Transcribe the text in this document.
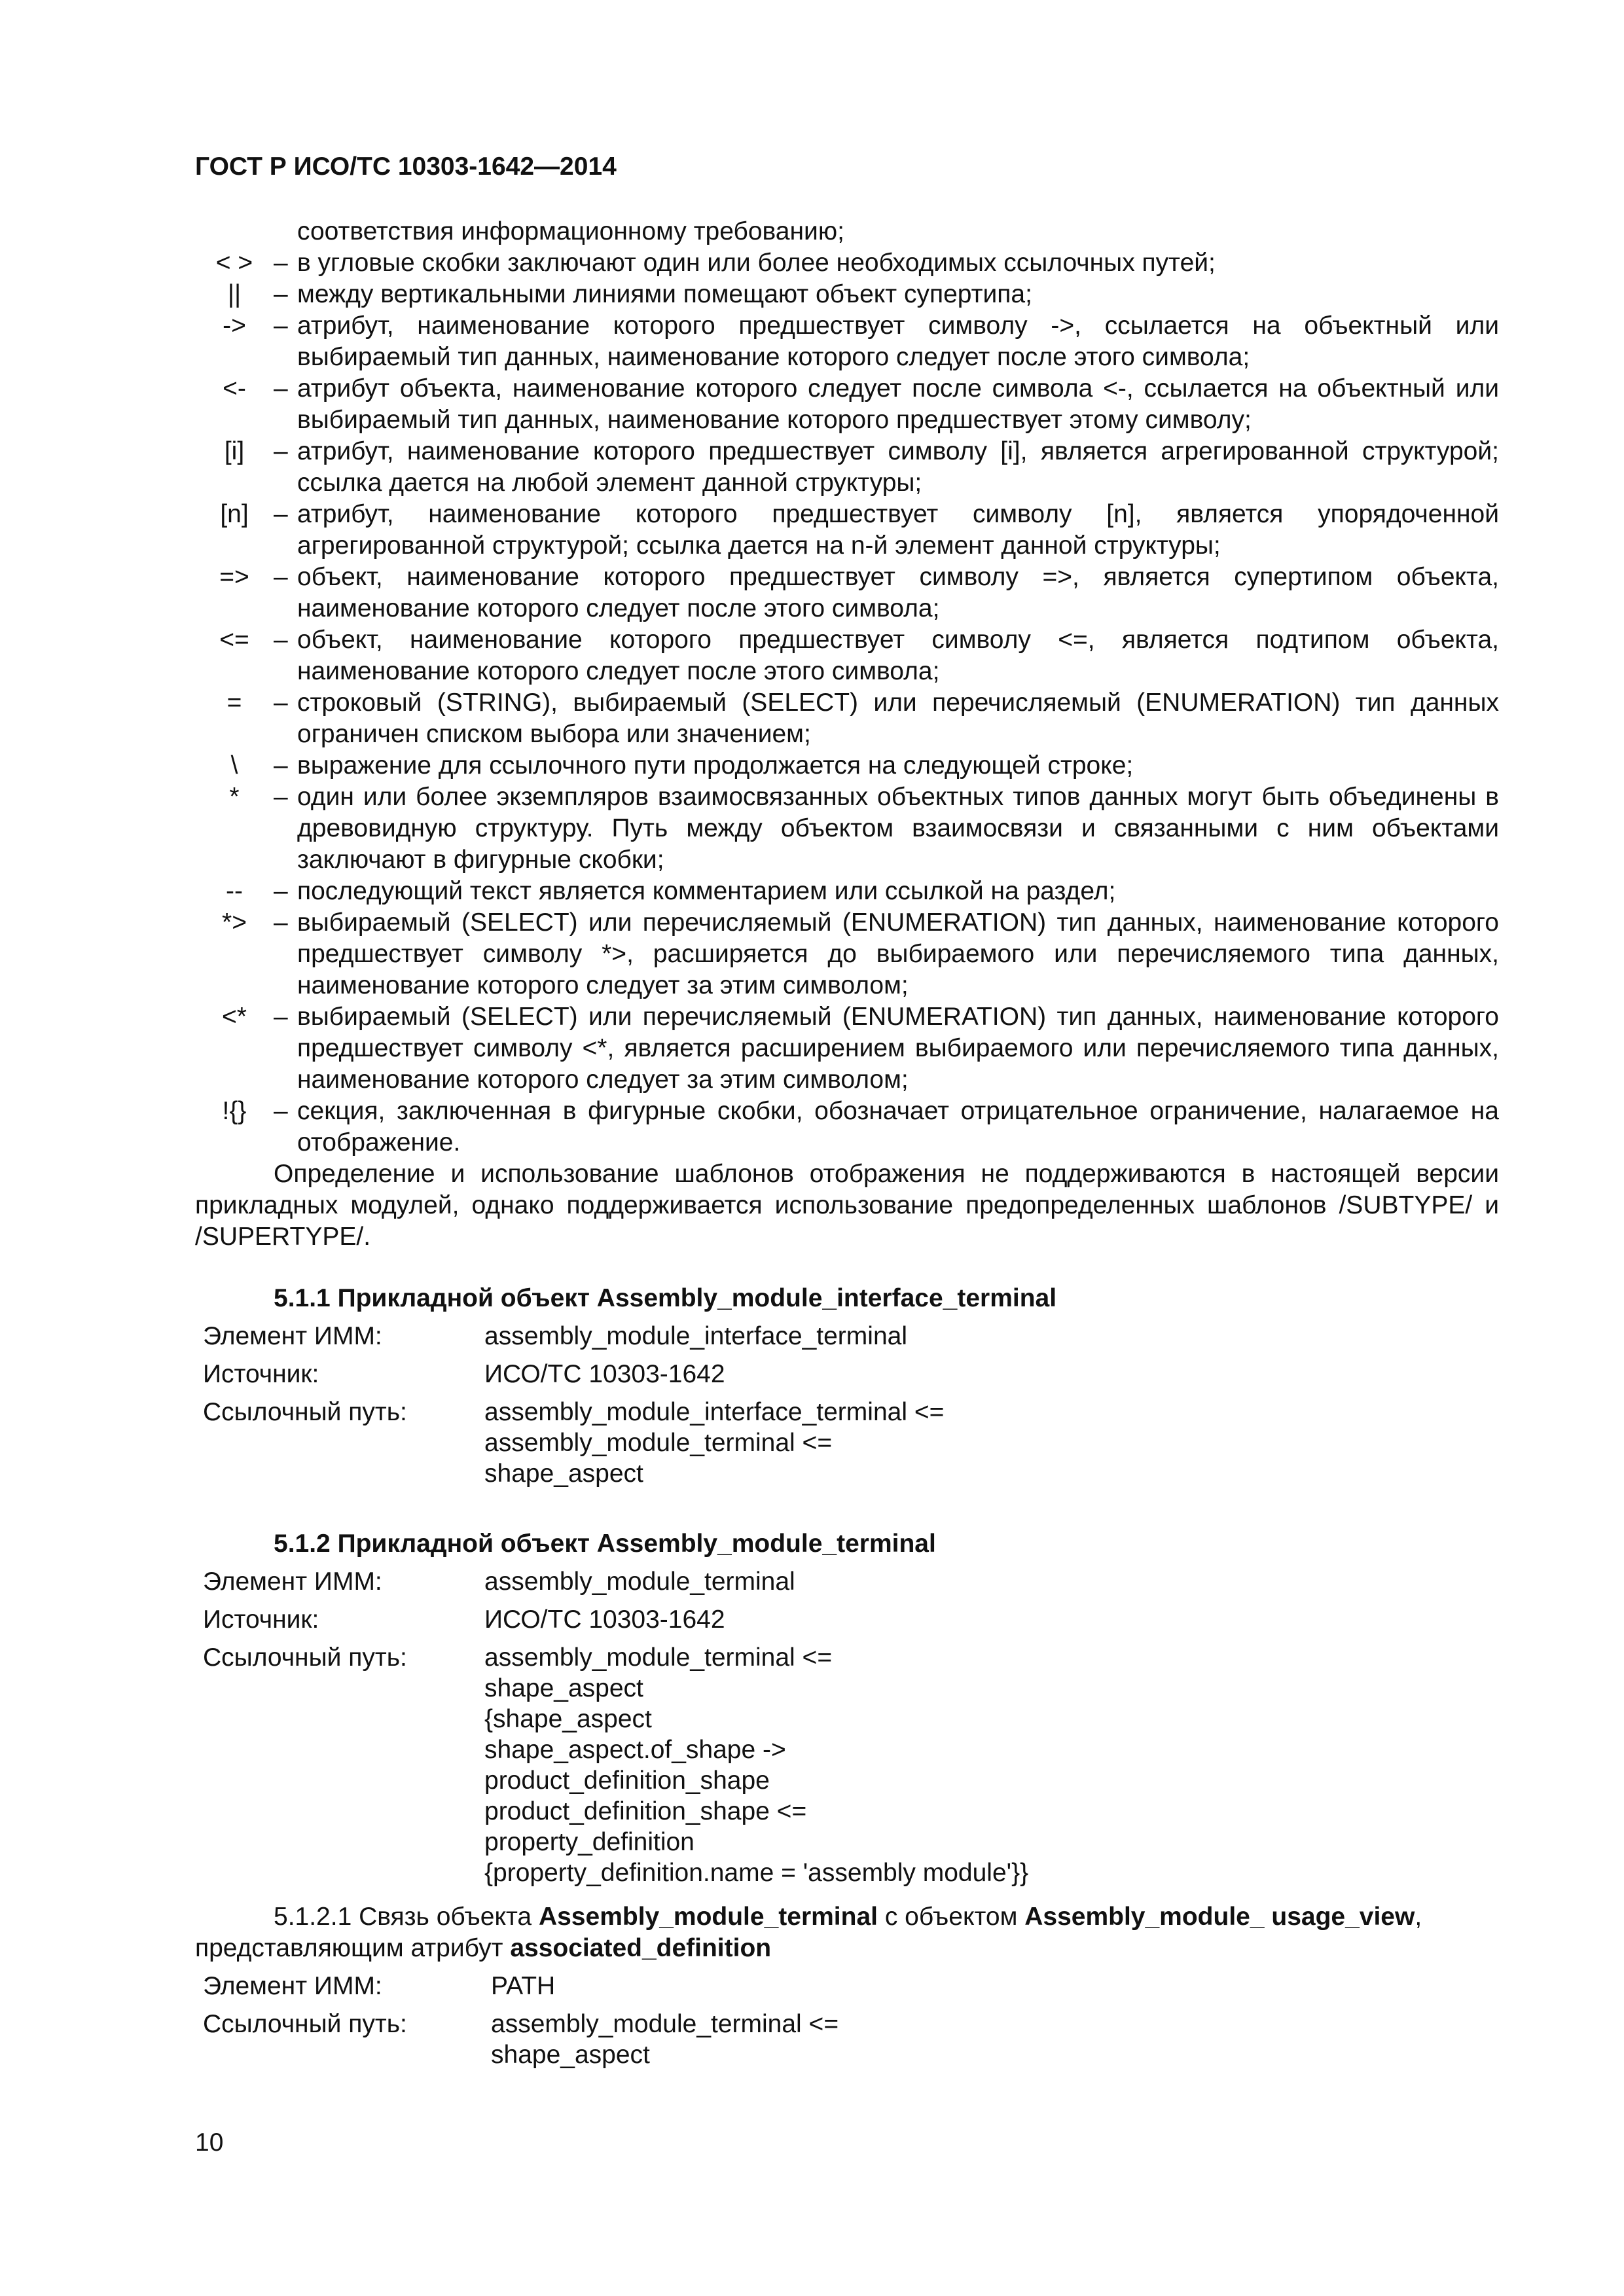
ГОСТ Р ИСО/ТС 10303-1642—2014
соответствия информационному требованию;
< > – в угловые скобки заключают один или более необходимых ссылочных путей;
||	– между вертикальными линиями помещают объект супертипа;
->	– атрибут, наименование которого предшествует символу ->, ссылается на объектный или выбираемый тип данных, наименование которого следует после этого символа;
<-	– атрибут объекта, наименование которого следует после символа <-, ссылается на объектный или выбираемый тип данных, наименование которого предшествует этому символу;
[i]	– атрибут, наименование которого предшествует символу [i], является агрегированной структурой; ссылка дается на любой элемент данной структуры;
[n] – атрибут, наименование которого предшествует символу [n], является упорядоченной агрегированной структурой; ссылка дается на n-й элемент данной структуры;
=> – объект, наименование которого предшествует символу =>, является супертипом объекта, наименование которого следует после этого символа;
<= – объект, наименование которого предшествует символу <=, является подтипом объекта, наименование которого следует после этого символа;
=	– строковый (STRING), выбираемый (SELECT) или перечисляемый (ENUMERATION) тип данных ограничен списком выбора или значением;
\	– выражение для ссылочного пути продолжается на следующей строке;
*	– один или более экземпляров взаимосвязанных объектных типов данных могут быть объединены в древовидную структуру. Путь между объектом взаимосвязи и связанными с ним объектами заключают в фигурные скобки;
--	– последующий текст является комментарием или ссылкой на раздел;
*>	– выбираемый (SELECT) или перечисляемый (ENUMERATION) тип данных, наименование которого предшествует символу *>, расширяется до выбираемого или перечисляемого типа данных, наименование которого следует за этим символом;
<*	– выбираемый (SELECT) или перечисляемый (ENUMERATION) тип данных, наименование которого предшествует символу <*, является расширением выбираемого или перечисляемого типа данных, наименование которого следует за этим символом;
!{}	– секция, заключенная в фигурные скобки, обозначает отрицательное ограничение, налагаемое на отображение.
Определение и использование шаблонов отображения не поддерживаются в настоящей версии прикладных модулей, однако поддерживается использование предопределенных шаблонов /SUBTYPE/ и /SUPERTYPE/.
5.1.1 Прикладной объект Assembly_module_interface_terminal
Элемент ИММ:	assembly_module_interface_terminal
Источник:	ИСО/ТС 10303-1642
Ссылочный путь:	assembly_module_interface_terminal <=
assembly_module_terminal <=
shape_aspect
5.1.2 Прикладной объект Assembly_module_terminal
Элемент ИММ:	assembly_module_terminal
Источник:	ИСО/ТС 10303-1642
Ссылочный путь:	assembly_module_terminal <=
shape_aspect
{shape_aspect
shape_aspect.of_shape ->
product_definition_shape
product_definition_shape <=
property_definition
{property_definition.name = 'assembly module'}}
5.1.2.1 Связь объекта Assembly_module_terminal с объектом Assembly_module_ usage_view,
представляющим атрибут associated_definition
Элемент ИММ:	PATH
Ссылочный путь:	assembly_module_terminal <=
shape_aspect
10
